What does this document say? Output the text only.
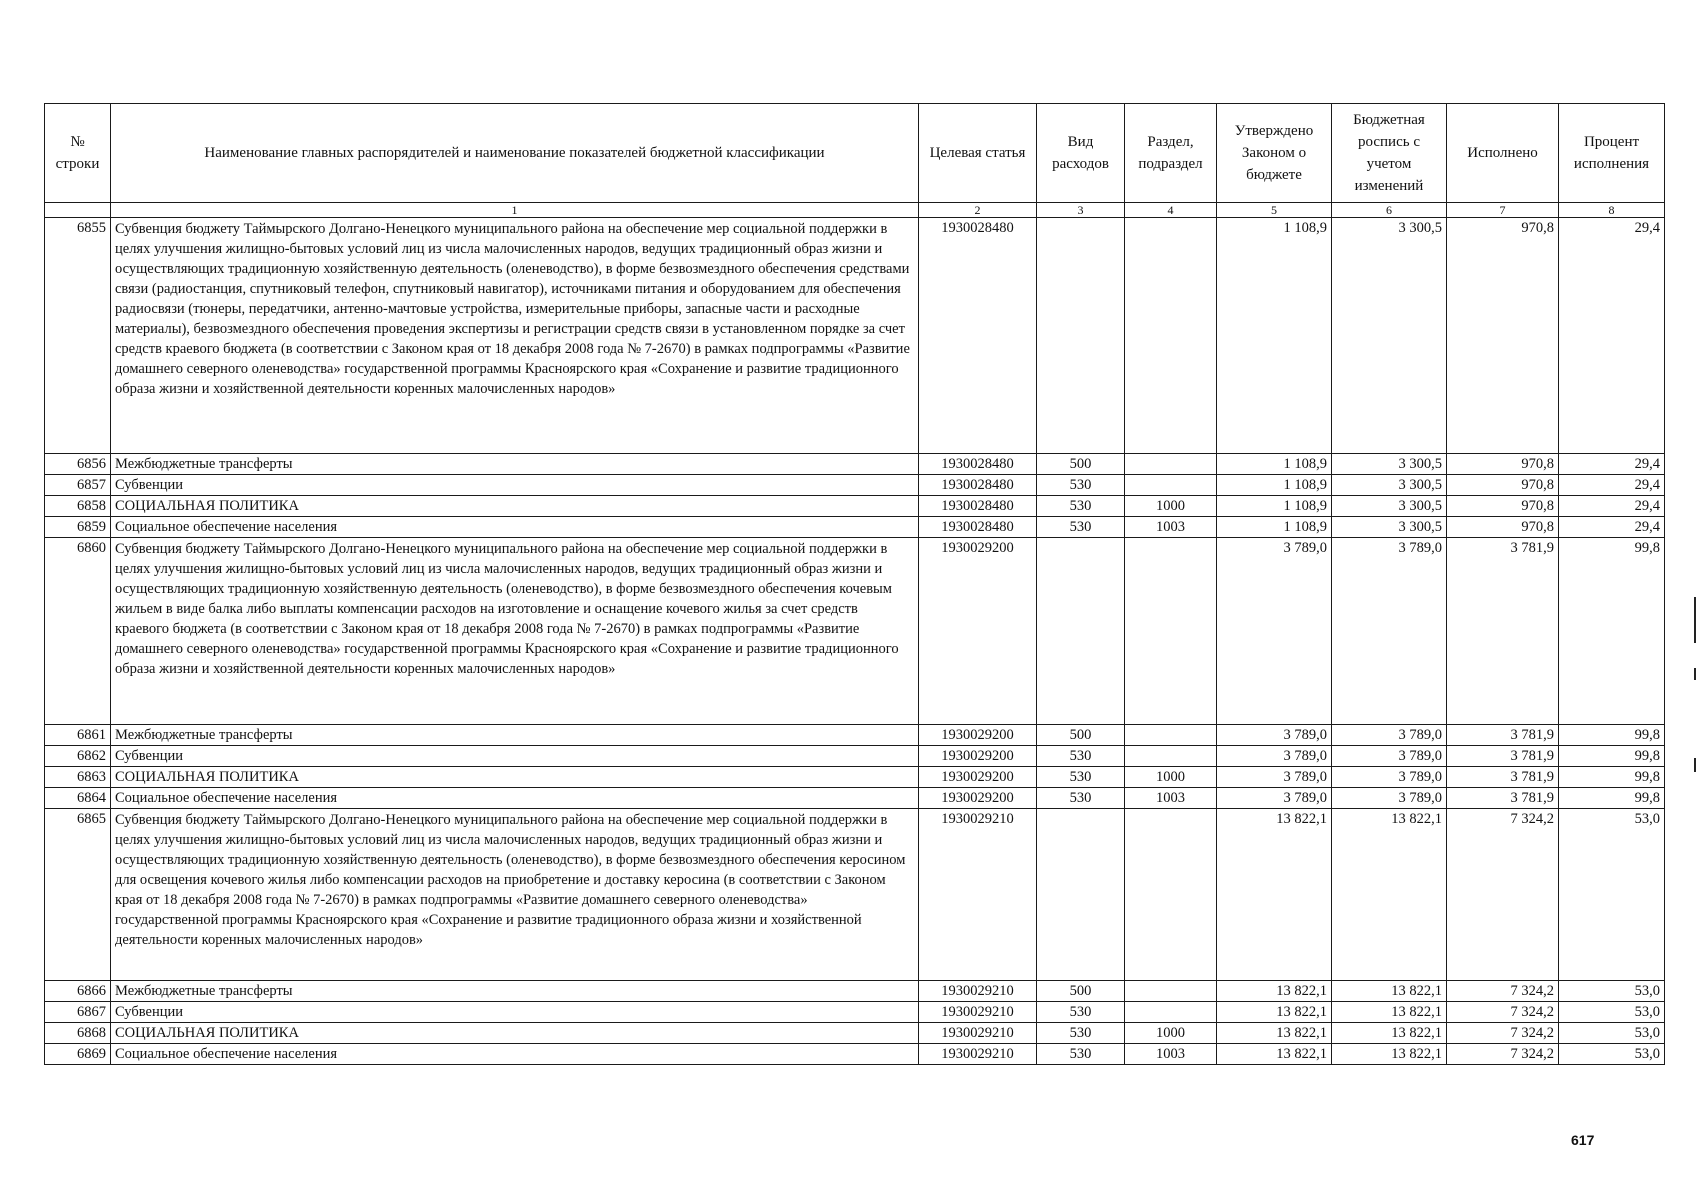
№ строки	Наименование главных распорядителей и наименование показателей бюджетной классификации	Целевая статья	Вид расходов	Раздел, подраздел	Утверждено Законом о бюджете	Бюджетная роспись с учетом изменений	Исполнено	Процент исполнения
	1	2	3	4	5	6	7	8
6855	Субвенция бюджету Таймырского Долгано-Ненецкого муниципального района на обеспечение мер социальной поддержки в целях улучшения жилищно-бытовых условий лиц из числа малочисленных народов, ведущих традиционный образ жизни и осуществляющих традиционную хозяйственную деятельность (оленеводство), в форме безвозмездного обеспечения средствами связи (радиостанция, спутниковый телефон, спутниковый навигатор), источниками питания и оборудованием для обеспечения радиосвязи (тюнеры, передатчики, антенно-мачтовые устройства, измерительные приборы, запасные части и расходные материалы), безвозмездного обеспечения проведения экспертизы и регистрации средств связи в установленном порядке за счет средств краевого бюджета (в соответствии с Законом края от 18 декабря 2008 года № 7-2670) в рамках подпрограммы «Развитие домашнего северного оленеводства» государственной программы Красноярского края «Сохранение и развитие традиционного образа жизни и хозяйственной деятельности коренных малочисленных народов»	1930028480			1 108,9	3 300,5	970,8	29,4
6856	Межбюджетные трансферты	1930028480	500		1 108,9	3 300,5	970,8	29,4
6857	Субвенции	1930028480	530		1 108,9	3 300,5	970,8	29,4
6858	СОЦИАЛЬНАЯ ПОЛИТИКА	1930028480	530	1000	1 108,9	3 300,5	970,8	29,4
6859	Социальное обеспечение населения	1930028480	530	1003	1 108,9	3 300,5	970,8	29,4
6860	Субвенция бюджету Таймырского Долгано-Ненецкого муниципального района на обеспечение мер социальной поддержки в целях улучшения жилищно-бытовых условий лиц из числа малочисленных народов, ведущих традиционный образ жизни и осуществляющих традиционную хозяйственную деятельность (оленеводство), в форме безвозмездного обеспечения кочевым жильем в виде балка либо выплаты компенсации расходов на изготовление и оснащение кочевого жилья за счет средств краевого бюджета (в соответствии с Законом края от 18 декабря 2008 года № 7-2670) в рамках подпрограммы «Развитие домашнего северного оленеводства» государственной программы Красноярского края «Сохранение и развитие традиционного образа жизни и хозяйственной деятельности коренных малочисленных народов»	1930029200			3 789,0	3 789,0	3 781,9	99,8
6861	Межбюджетные трансферты	1930029200	500		3 789,0	3 789,0	3 781,9	99,8
6862	Субвенции	1930029200	530		3 789,0	3 789,0	3 781,9	99,8
6863	СОЦИАЛЬНАЯ ПОЛИТИКА	1930029200	530	1000	3 789,0	3 789,0	3 781,9	99,8
6864	Социальное обеспечение населения	1930029200	530	1003	3 789,0	3 789,0	3 781,9	99,8
6865	Субвенция бюджету Таймырского Долгано-Ненецкого муниципального района на обеспечение мер социальной поддержки в целях улучшения жилищно-бытовых условий лиц из числа малочисленных народов, ведущих традиционный образ жизни и осуществляющих традиционную хозяйственную деятельность (оленеводство), в форме безвозмездного обеспечения керосином для освещения кочевого жилья либо компенсации расходов на приобретение и доставку керосина (в соответствии с Законом края от 18 декабря 2008 года № 7-2670) в рамках подпрограммы «Развитие домашнего северного оленеводства» государственной программы Красноярского края «Сохранение и развитие традиционного образа жизни и хозяйственной деятельности коренных малочисленных народов»	1930029210			13 822,1	13 822,1	7 324,2	53,0
6866	Межбюджетные трансферты	1930029210	500		13 822,1	13 822,1	7 324,2	53,0
6867	Субвенции	1930029210	530		13 822,1	13 822,1	7 324,2	53,0
6868	СОЦИАЛЬНАЯ ПОЛИТИКА	1930029210	530	1000	13 822,1	13 822,1	7 324,2	53,0
6869	Социальное обеспечение населения	1930029210	530	1003	13 822,1	13 822,1	7 324,2	53,0
617
